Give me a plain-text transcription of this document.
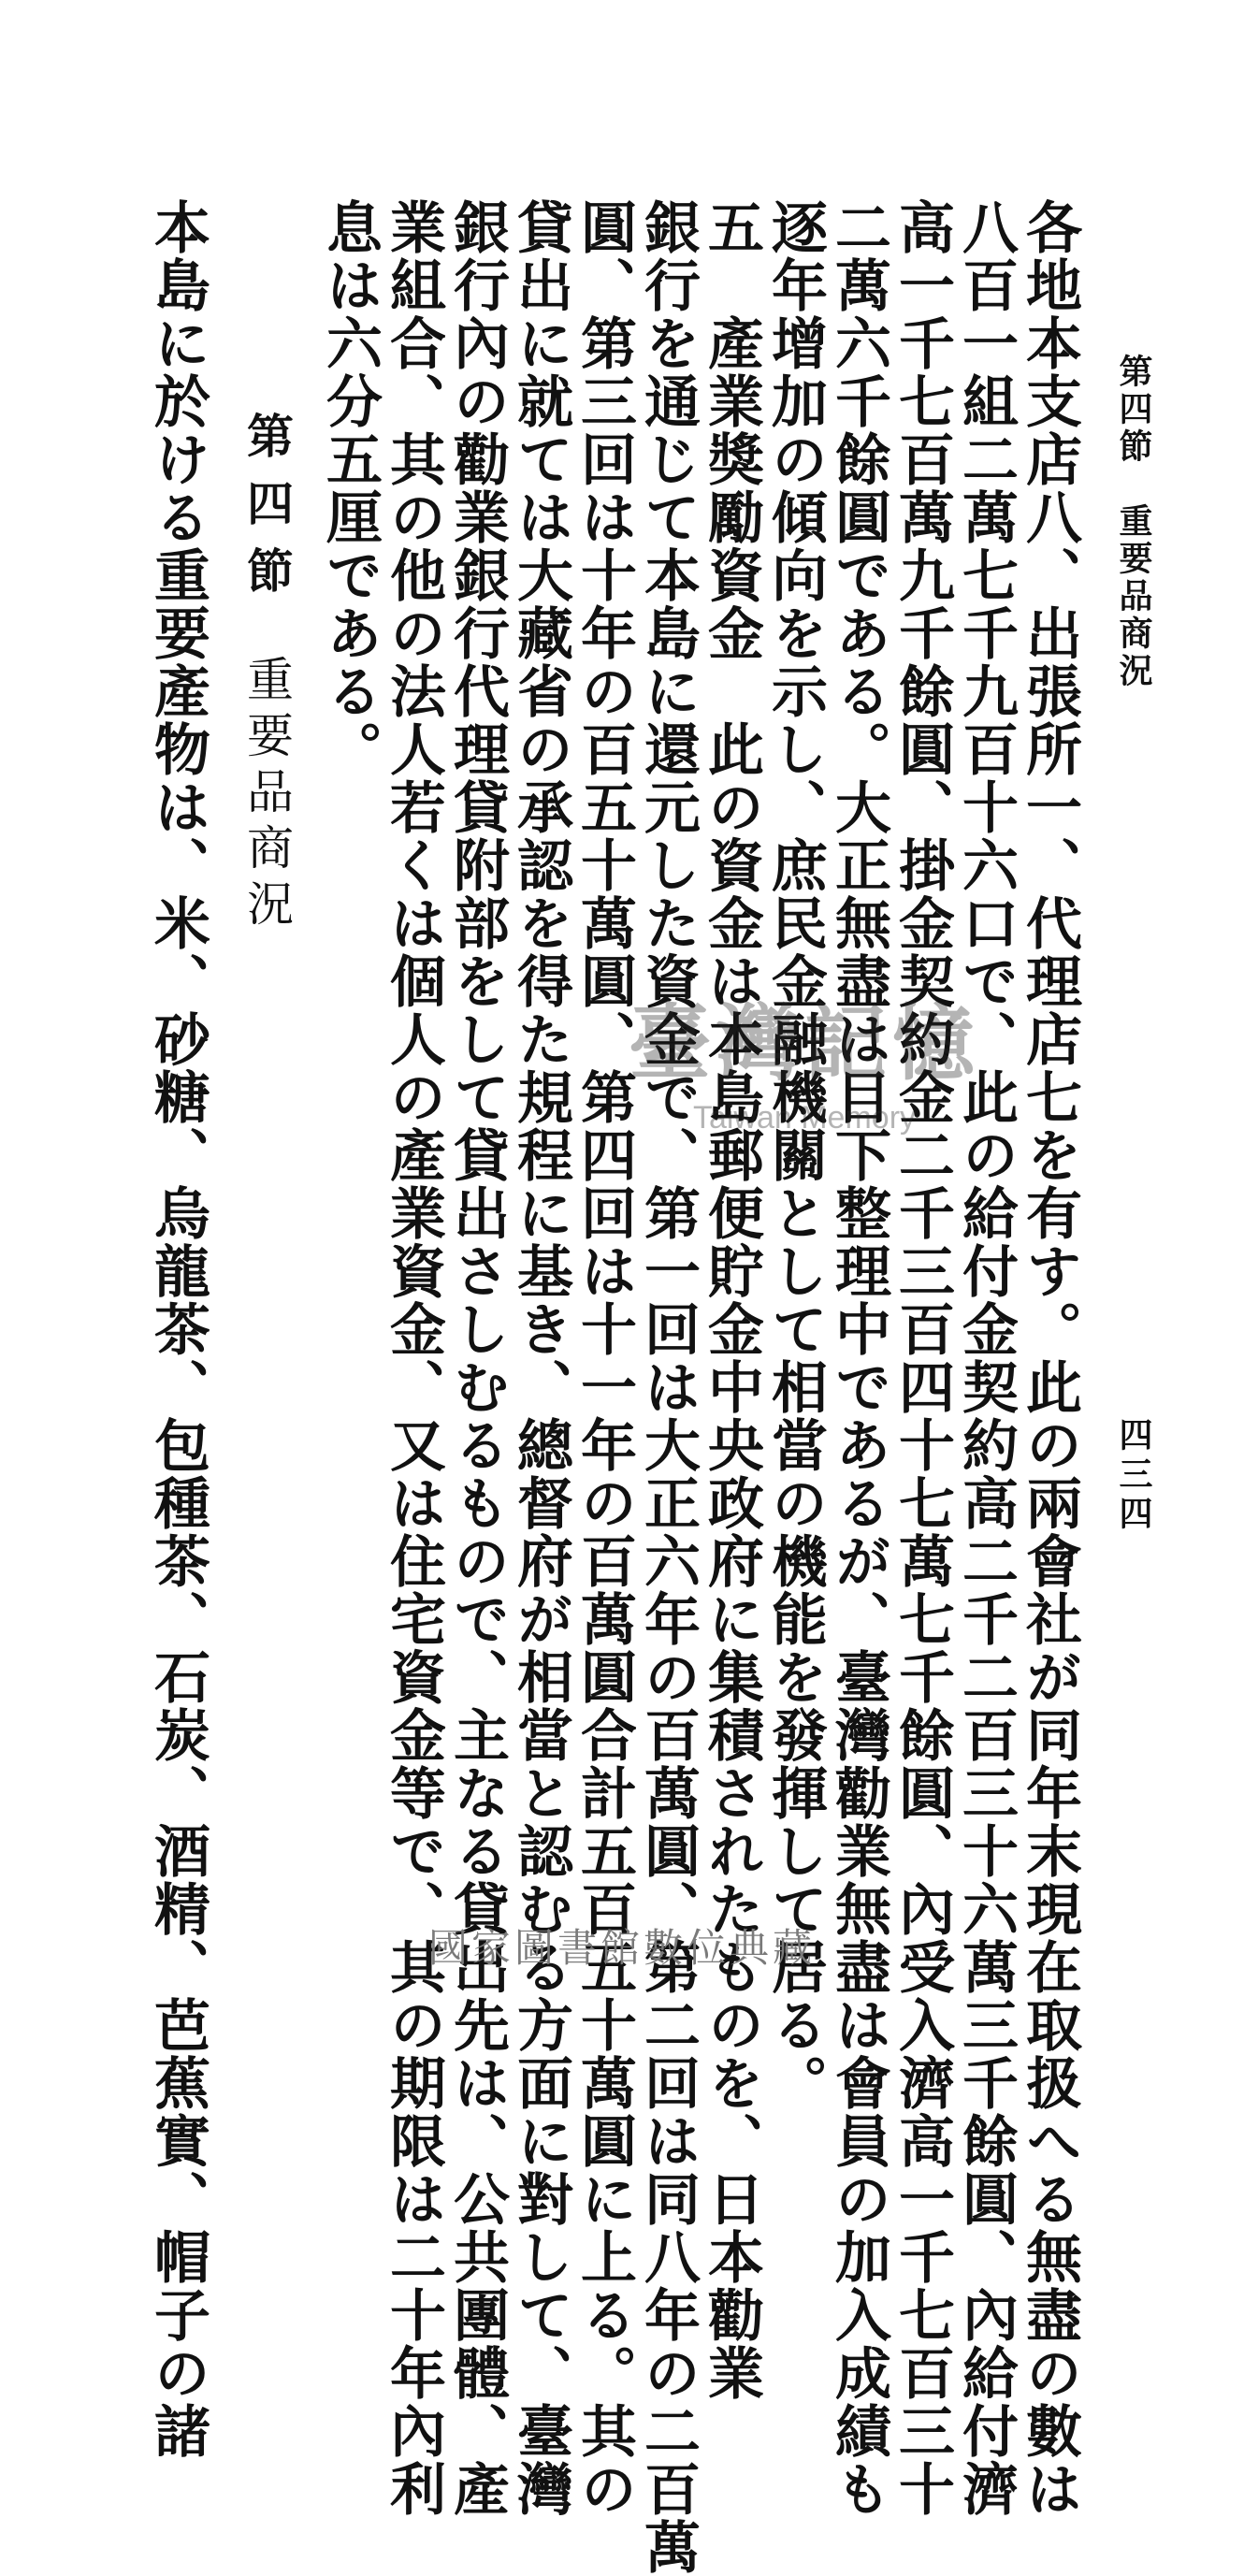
第四節　重要品商況
四三四
各地本支店八、出張所一、代理店七を有す。此の兩會社が同年末現在取扱へる無盡の數は
八百一組二萬七千九百十六口で、此の給付金契約高二千二百三十六萬三千餘圓、內給付濟
高一千七百萬九千餘圓、掛金契約金二千三百四十七萬七千餘圓、內受入濟高一千七百三十
二萬六千餘圓である。大正無盡は目下整理中であるが、臺灣勸業無盡は會員の加入成績も
逐年增加の傾向を示し、庶民金融機關として相當の機能を發揮して居る。
五　產業獎勵資金　此の資金は本島郵便貯金中央政府に集積されたものを、日本勸業
銀行を通じて本島に還元した資金で、第一回は大正六年の百萬圓、第二回は同八年の二百萬
圓、第三回は十年の百五十萬圓、第四回は十一年の百萬圓合計五百五十萬圓に上る。其の
貸出に就ては大藏省の承認を得た規程に基き、總督府が相當と認むる方面に對して、臺灣
銀行內の勸業銀行代理貸附部をして貸出さしむるもので、主なる貸出先は、公共團體、產
業組合、其の他の法人若くは個人の產業資金、又は住宅資金等で、其の期限は二十年內利
息は六分五厘である。
第四節
重要品商況
本島に於ける重要產物は、米、砂糖、烏龍茶、包種茶、石炭、酒精、芭蕉實、帽子の諸	臺灣記憶
Taiwan Memory
國家圖書館數位典藏
